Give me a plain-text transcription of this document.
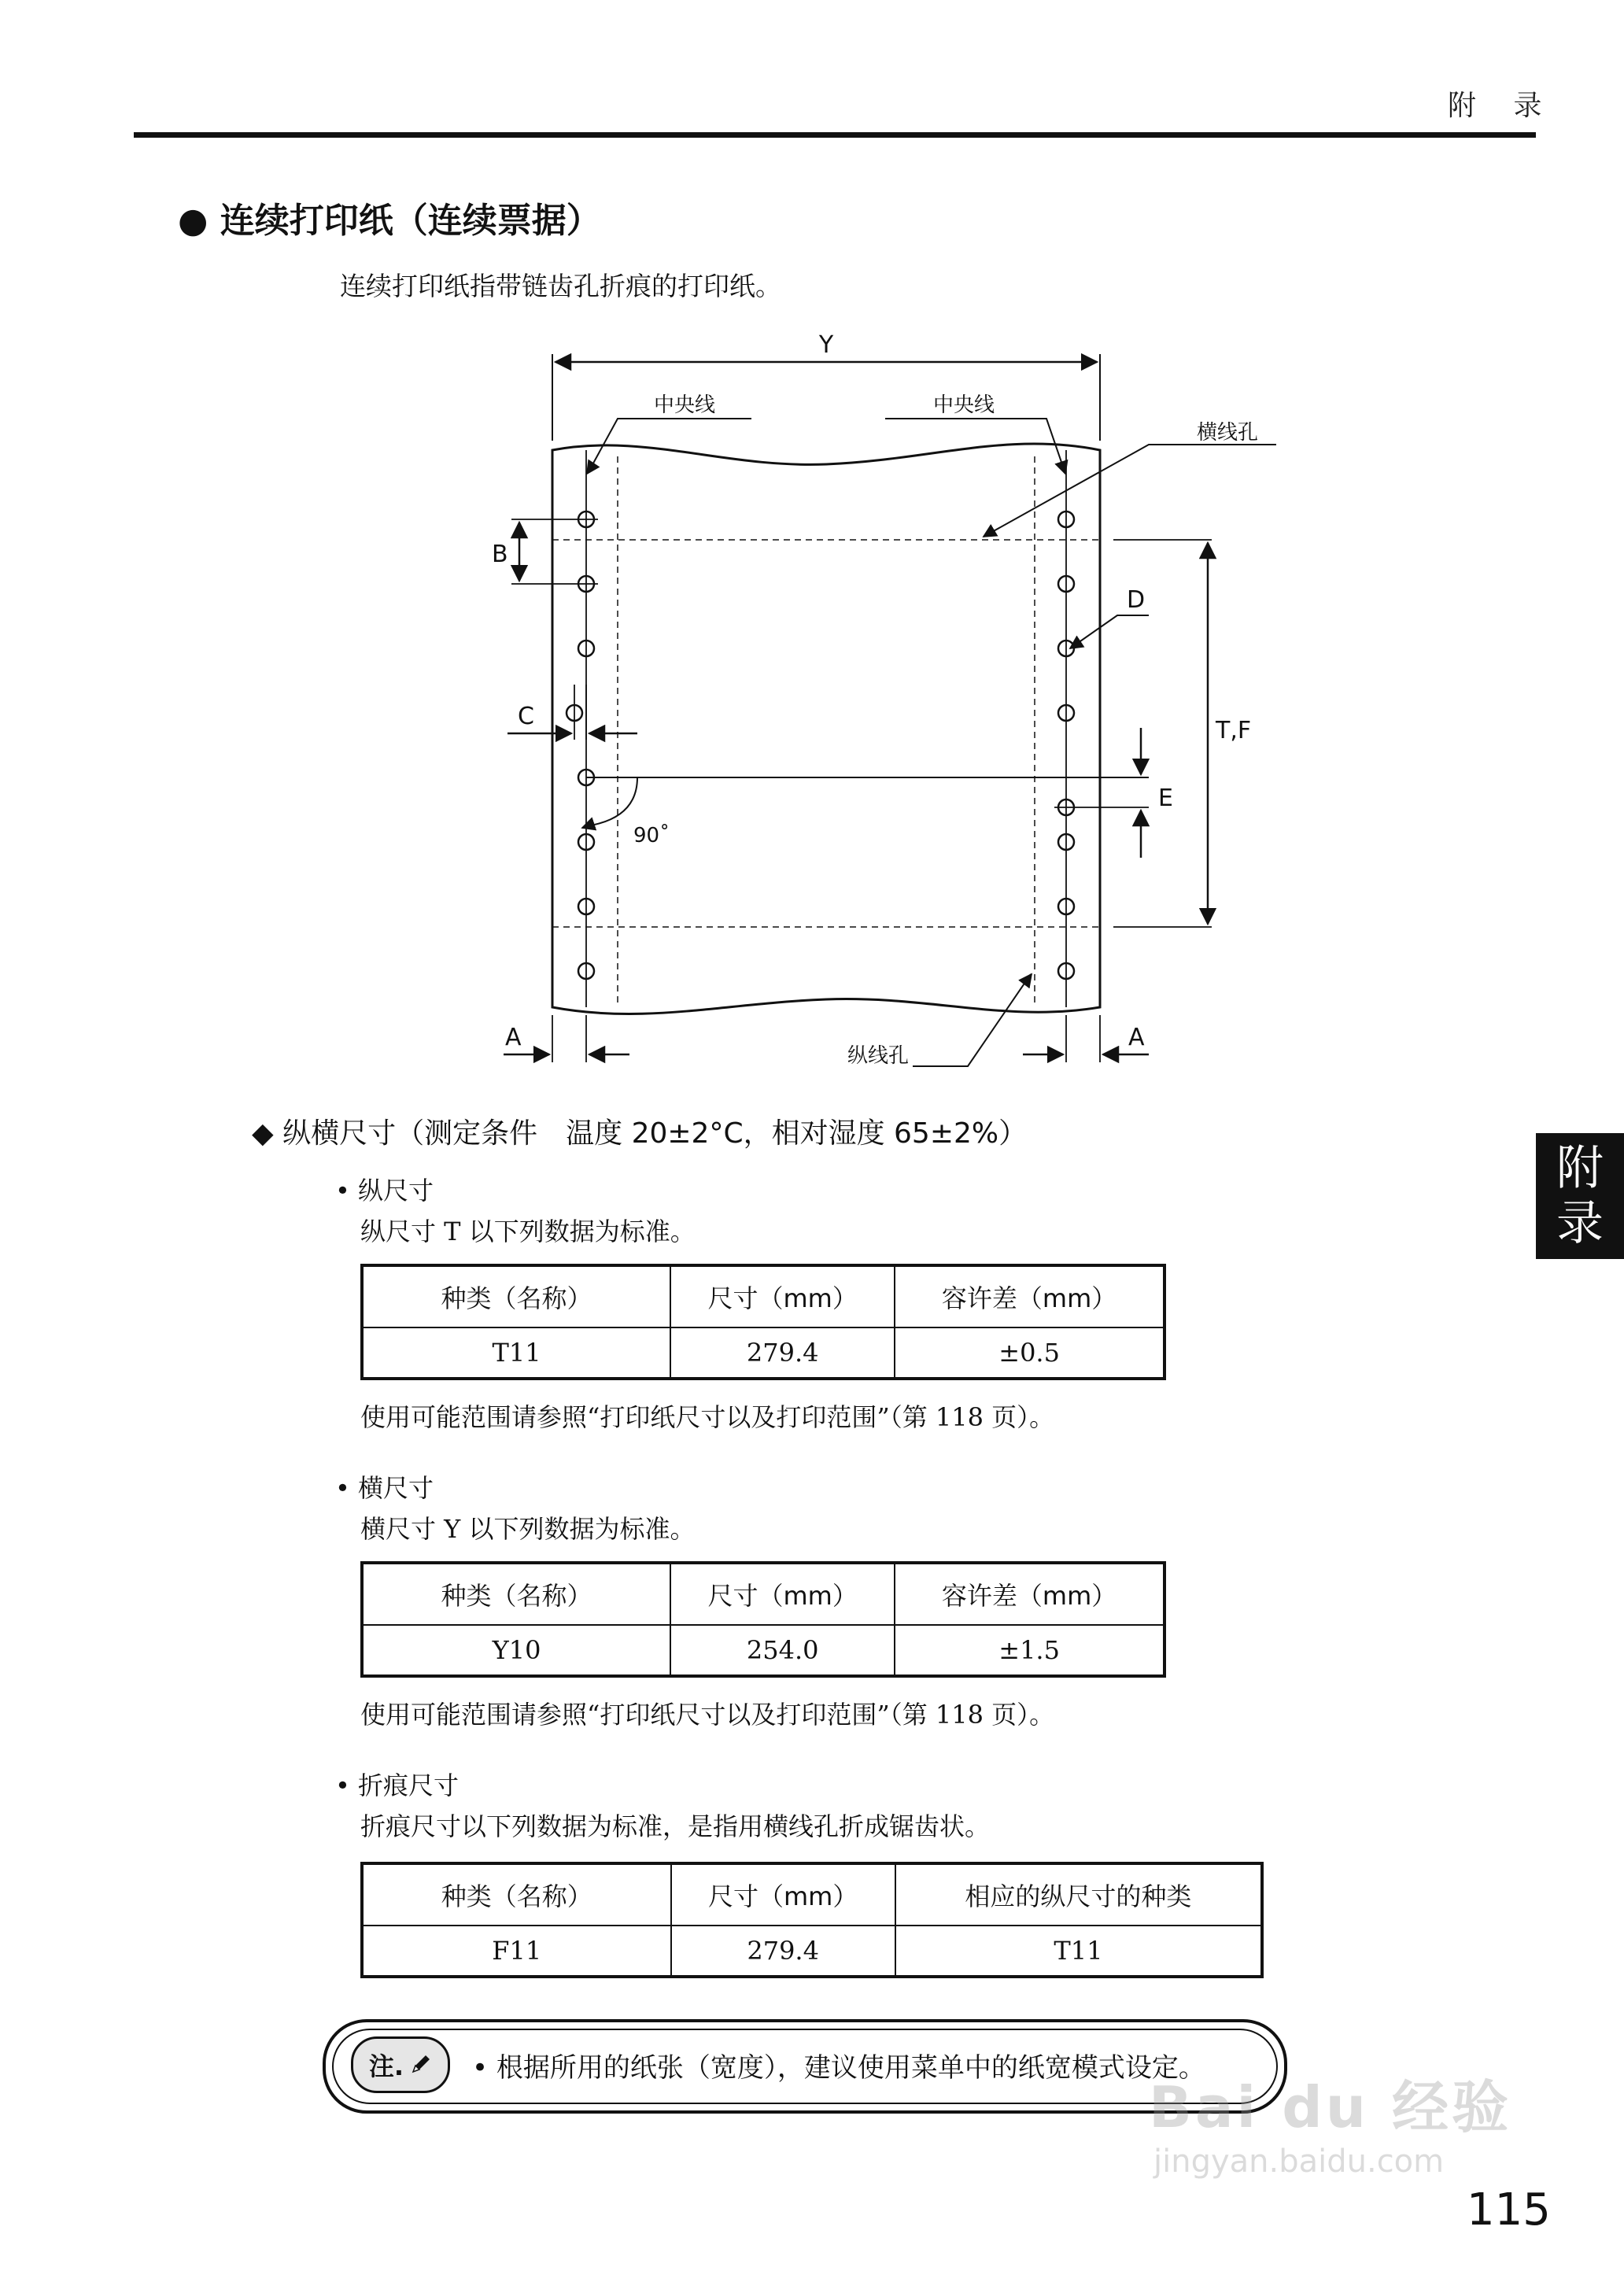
附 录
● 连续打印纸（连续票据）
连续打印纸指带链齿孔折痕的打印纸。
Y
中央线	中央线
横线孔
B
C
D
E
T,F
90˚
A	A
纵线孔
◆ 纵横尺寸（测定条件　温度 20±2°C，相对湿度 65±2%）
• 纵尺寸
纵尺寸 T 以下列数据为标准。
种类（名称）	尺寸（mm）	容许差（mm）
T11	279.4	±0.5
使用可能范围请参照“打印纸尺寸以及打印范围”（第 118 页）。
• 横尺寸
横尺寸 Y 以下列数据为标准。
种类（名称）	尺寸（mm）	容许差（mm）
Y10	254.0	±1.5
使用可能范围请参照“打印纸尺寸以及打印范围”（第 118 页）。
• 折痕尺寸
折痕尺寸以下列数据为标准，是指用横线孔折成锯齿状。
种类（名称）	尺寸（mm）	相应的纵尺寸的种类
F11	279.4	T11
注.	• 根据所用的纸张（宽度），建议使用菜单中的纸宽模式设定。
附
录
Bai du 经验
jingyan.baidu.com
115
